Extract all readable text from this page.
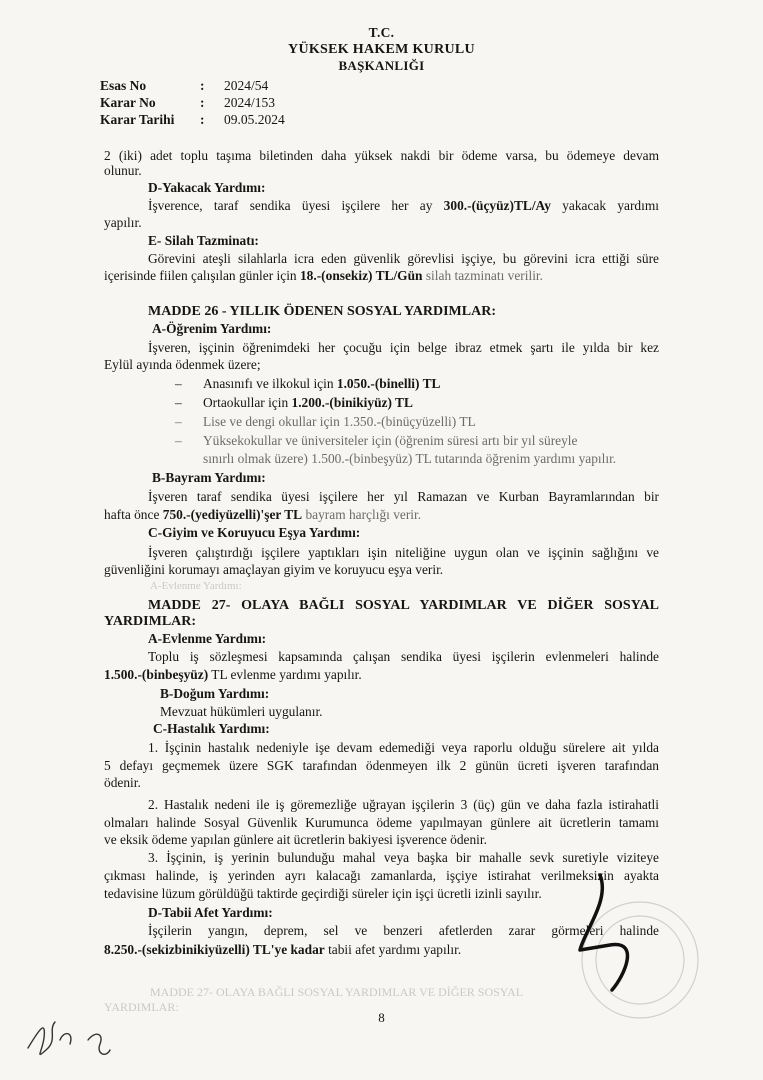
T.C.
YÜKSEK HAKEM KURULU
BAŞKANLIĞI
Esas No	: 2024/54
Karar No	: 2024/153
Karar Tarihi : 09.05.2024
2 (iki) adet toplu taşıma biletinden daha yüksek nakdi bir ödeme varsa, bu ödemeye devam
olunur.
D-Yakacak Yardımı:
İşverence, taraf sendika üyesi işçilere her ay 300.-(üçyüz)TL/Ay yakacak yardımı
yapılır.
E- Silah Tazminatı:
Görevini ateşli silahlarla icra eden güvenlik görevlisi işçiye, bu görevini icra ettiği süre
içerisinde fiilen çalışılan günler için 18.-(onsekiz) TL/Gün silah tazminatı verilir.
MADDE 26 - YILLIK ÖDENEN SOSYAL YARDIMLAR:
A-Öğrenim Yardımı:
İşveren, işçinin öğrenimdeki her çocuğu için belge ibraz etmek şartı ile yılda bir kez
Eylül ayında ödenmek üzere;
– Anasınıfı ve ilkokul için 1.050.-(binelli) TL
– Ortaokullar için 1.200.-(binikiyüz) TL
– Lise ve dengi okullar için 1.350.-(binüçyüzelli) TL
– Yüksekokullar ve üniversiteler için (öğrenim süresi artı bir yıl süreyle
sınırlı olmak üzere) 1.500.-(binbeşyüz) TL tutarında öğrenim yardımı yapılır.
B-Bayram Yardımı:
İşveren taraf sendika üyesi işçilere her yıl Ramazan ve Kurban Bayramlarından bir
hafta önce 750.-(yediyüzelli)'şer TL bayram harçlığı verir.
C-Giyim ve Koruyucu Eşya Yardımı:
İşveren çalıştırdığı işçilere yaptıkları işin niteliğine uygun olan ve işçinin sağlığını ve
güvenliğini korumayı amaçlayan giyim ve koruyucu eşya verir.
A-Evlenme Yardımı:
MADDE 27- OLAYA BAĞLI SOSYAL YARDIMLAR VE DİĞER SOSYAL
YARDIMLAR:
A-Evlenme Yardımı:
Toplu iş sözleşmesi kapsamında çalışan sendika üyesi işçilerin evlenmeleri halinde
1.500.-(binbeşyüz) TL evlenme yardımı yapılır.
B-Doğum Yardımı:
Mevzuat hükümleri uygulanır.
C-Hastalık Yardımı:
1. İşçinin hastalık nedeniyle işe devam edemediği veya raporlu olduğu sürelere ait yılda
5 defayı geçmemek üzere SGK tarafından ödenmeyen ilk 2 günün ücreti işveren tarafından
ödenir.
2. Hastalık nedeni ile iş göremezliğe uğrayan işçilerin 3 (üç) gün ve daha fazla istirahatli
olmaları halinde Sosyal Güvenlik Kurumunca ödeme yapılmayan günlere ait ücretlerin tamamı
ve eksik ödeme yapılan günlere ait ücretlerin bakiyesi işverence ödenir.
3. İşçinin, iş yerinin bulunduğu mahal veya başka bir mahalle sevk suretiyle viziteye
çıkması halinde, iş yerinden ayrı kalacağı zamanlarda, işçiye istirahat verilmeksizin ayakta
tedavisine lüzum görüldüğü taktirde geçirdiği süreler için işçi ücretli izinli sayılır.
D-Tabii Afet Yardımı:
İşçilerin yangın, deprem, sel ve benzeri afetlerden zarar görmeleri halinde
8.250.-(sekizbinikiyüzelli) TL'ye kadar tabii afet yardımı yapılır.
MADDE 27- OLAYA BAĞLI SOSYAL YARDIMLAR VE DİĞER SOSYAL
YARDIMLAR:
8
